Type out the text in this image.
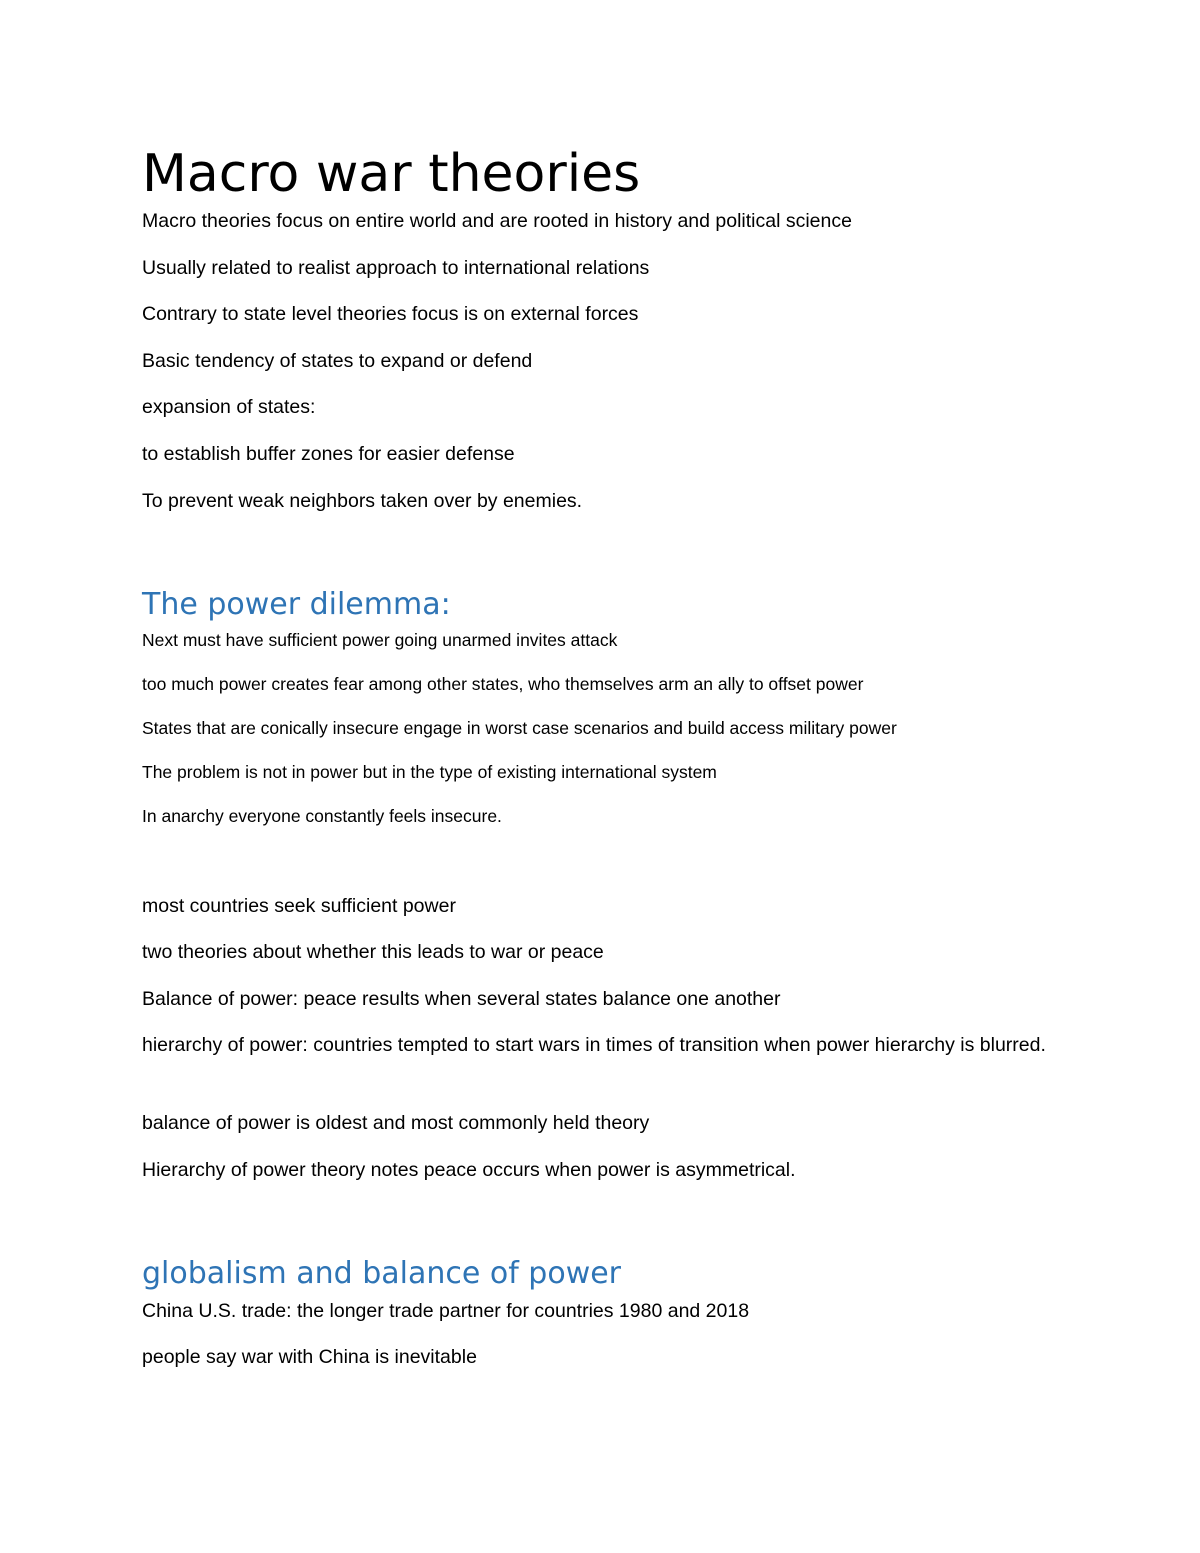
Macro war theories

Macro theories focus on entire world and are rooted in history and political science

Usually related to realist approach to international relations

Contrary to state level theories focus is on external forces

Basic tendency of states to expand or defend

expansion of states:

to establish buffer zones for easier defense

To prevent weak neighbors taken over by enemies.

The power dilemma:

Next must have sufficient power going unarmed invites attack

too much power creates fear among other states, who themselves arm an ally to offset power

States that are conically insecure engage in worst case scenarios and build access military power

The problem is not in power but in the type of existing international system

In anarchy everyone constantly feels insecure.

most countries seek sufficient power

two theories about whether this leads to war or peace

Balance of power: peace results when several states balance one another

hierarchy of power: countries tempted to start wars in times of transition when power hierarchy is blurred.

balance of power is oldest and most commonly held theory

Hierarchy of power theory notes peace occurs when power is asymmetrical.

globalism and balance of power

China U.S. trade: the longer trade partner for countries 1980 and 2018

people say war with China is inevitable
